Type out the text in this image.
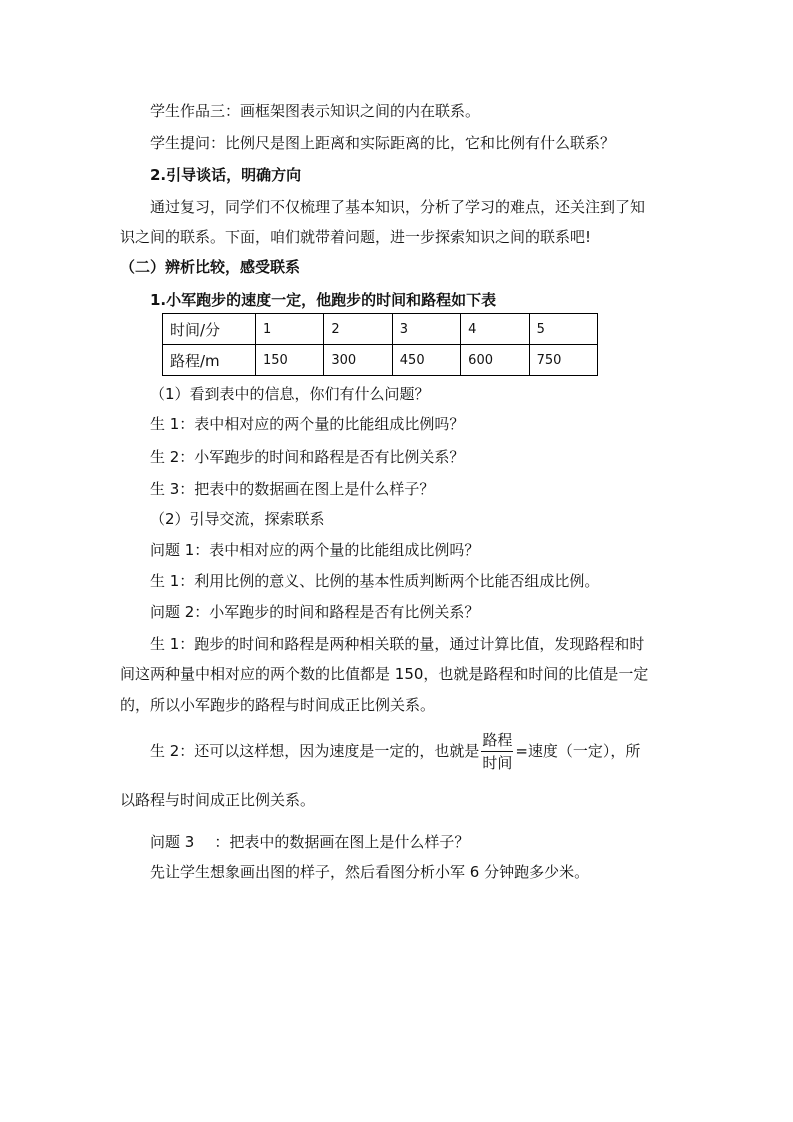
学生作品三：画框架图表示知识之间的内在联系。
学生提问：比例尺是图上距离和实际距离的比，它和比例有什么联系？
2.引导谈话，明确方向
通过复习，同学们不仅梳理了基本知识，分析了学习的难点，还关注到了知
识之间的联系。下面，咱们就带着问题，进一步探索知识之间的联系吧!
（二）辨析比较，感受联系
1.小军跑步的速度一定，他跑步的时间和路程如下表
时间/分	1	2	3	4	5
路程/m	150	300	450	600	750
（1）看到表中的信息，你们有什么问题？
生 1：表中相对应的两个量的比能组成比例吗？
生 2：小军跑步的时间和路程是否有比例关系？
生 3：把表中的数据画在图上是什么样子？
（2）引导交流，探索联系
问题 1：表中相对应的两个量的比能组成比例吗？
生 1：利用比例的意义、比例的基本性质判断两个比能否组成比例。
问题 2：小军跑步的时间和路程是否有比例关系？
生 1：跑步的时间和路程是两种相关联的量，通过计算比值，发现路程和时
间这两种量中相对应的两个数的比值都是 150，也就是路程和时间的比值是一定
的，所以小军跑步的路程与时间成正比例关系。
生 2：还可以这样想，因为速度是一定的，也就是 $\frac{\text{路程}}{\text{时间}}$ =速度（一定），所
以路程与时间成正比例关系。
问题 3 ：把表中的数据画在图上是什么样子？
先让学生想象画出图的样子，然后看图分析小军 6 分钟跑多少米。
